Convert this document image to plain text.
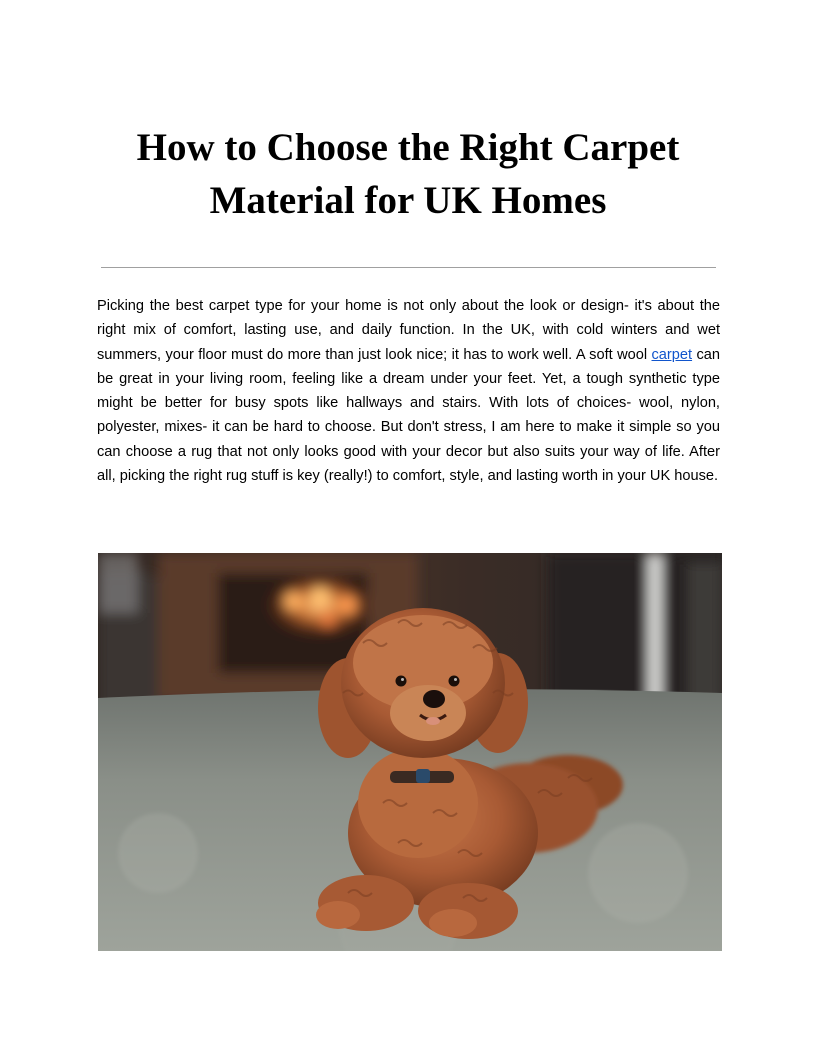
How to Choose the Right Carpet
Material for UK Homes

Picking the best carpet type for your home is not only about the look or design- it's about the right mix of comfort, lasting use, and daily function. In the UK, with cold winters and wet summers, your floor must do more than just look nice; it has to work well. A soft wool carpet can be great in your living room, feeling like a dream under your feet. Yet, a tough synthetic type might be better for busy spots like hallways and stairs. With lots of choices- wool, nylon, polyester, mixes- it can be hard to choose. But don't stress, I am here to make it simple so you can choose a rug that not only looks good with your decor but also suits your way of life. After all, picking the right rug stuff is key (really!) to comfort, style, and lasting worth in your UK house.
